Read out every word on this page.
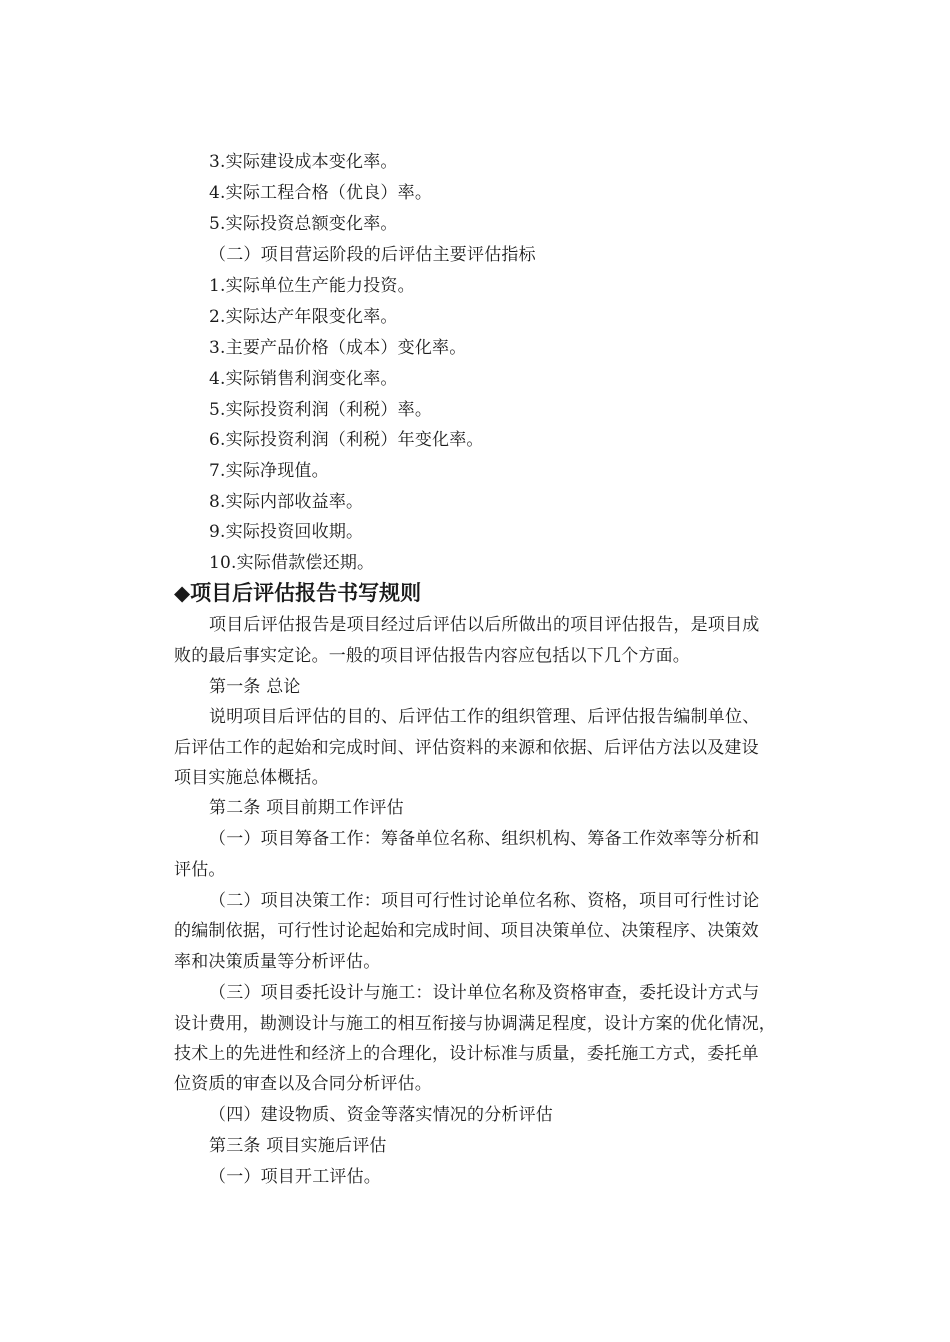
3.实际建设成本变化率。
4.实际工程合格（优良）率。
5.实际投资总额变化率。
（二）项目营运阶段的后评估主要评估指标
1.实际单位生产能力投资。
2.实际达产年限变化率。
3.主要产品价格（成本）变化率。
4.实际销售利润变化率。
5.实际投资利润（利税）率。
6.实际投资利润（利税）年变化率。
7.实际净现值。
8.实际内部收益率。
9.实际投资回收期。
10.实际借款偿还期。
◆项目后评估报告书写规则
项目后评估报告是项目经过后评估以后所做出的项目评估报告，是项目成
败的最后事实定论。一般的项目评估报告内容应包括以下几个方面。
第一条 总论
说明项目后评估的目的、后评估工作的组织管理、后评估报告编制单位、
后评估工作的起始和完成时间、评估资料的来源和依据、后评估方法以及建设
项目实施总体概括。
第二条 项目前期工作评估
（一）项目筹备工作：筹备单位名称、组织机构、筹备工作效率等分析和
评估。
（二）项目决策工作：项目可行性讨论单位名称、资格，项目可行性讨论
的编制依据，可行性讨论起始和完成时间、项目决策单位、决策程序、决策效
率和决策质量等分析评估。
（三）项目委托设计与施工：设计单位名称及资格审查，委托设计方式与
设计费用，勘测设计与施工的相互衔接与协调满足程度，设计方案的优化情况，
技术上的先进性和经济上的合理化，设计标准与质量，委托施工方式，委托单
位资质的审查以及合同分析评估。
（四）建设物质、资金等落实情况的分析评估
第三条 项目实施后评估
（一）项目开工评估。
